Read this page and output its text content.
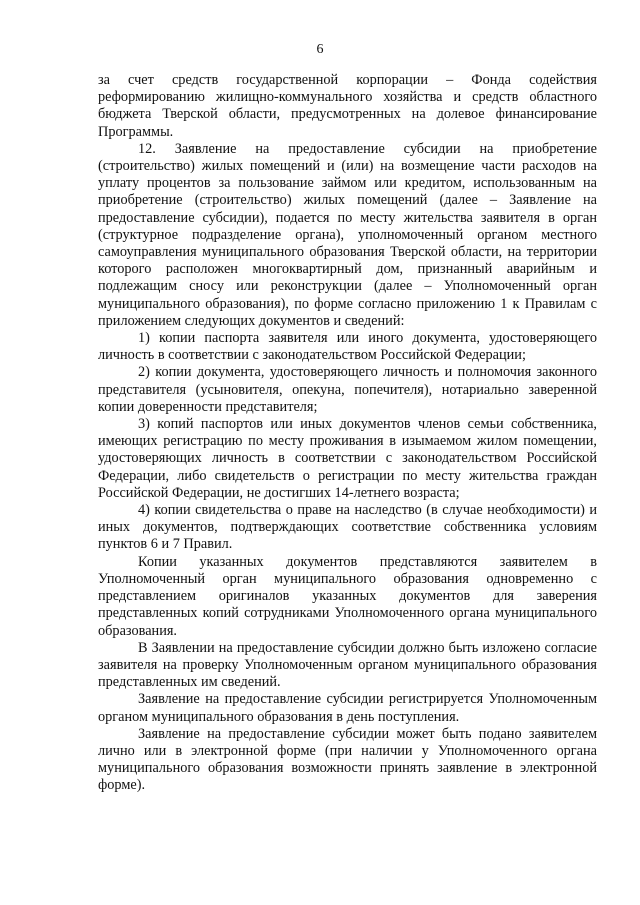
6

за счет средств государственной корпорации – Фонда содействия реформированию жилищно-коммунального хозяйства и средств областного бюджета Тверской области, предусмотренных на долевое финансирование Программы.

12. Заявление на предоставление субсидии на приобретение (строительство) жилых помещений и (или) на возмещение части расходов на уплату процентов за пользование займом или кредитом, использованным на приобретение (строительство) жилых помещений (далее – Заявление на предоставление субсидии), подается по месту жительства заявителя в орган (структурное подразделение органа), уполномоченный органом местного самоуправления муниципального образования Тверской области, на территории которого расположен многоквартирный дом, признанный аварийным и подлежащим сносу или реконструкции (далее – Уполномоченный орган муниципального образования), по форме согласно приложению 1 к Правилам с приложением следующих документов и сведений:

1) копии паспорта заявителя или иного документа, удостоверяющего личность в соответствии с законодательством Российской Федерации;

2) копии документа, удостоверяющего личность и полномочия законного представителя (усыновителя, опекуна, попечителя), нотариально заверенной копии доверенности представителя;

3) копий паспортов или иных документов членов семьи собственника, имеющих регистрацию по месту проживания в изымаемом жилом помещении, удостоверяющих личность в соответствии с законодательством Российской Федерации, либо свидетельств о регистрации по месту жительства граждан Российской Федерации, не достигших 14-летнего возраста;

4) копии свидетельства о праве на наследство (в случае необходимости) и иных документов, подтверждающих соответствие собственника условиям пунктов 6 и 7 Правил.

Копии указанных документов представляются заявителем в Уполномоченный орган муниципального образования одновременно с представлением оригиналов указанных документов для заверения представленных копий сотрудниками Уполномоченного органа муниципального образования.

В Заявлении на предоставление субсидии должно быть изложено согласие заявителя на проверку Уполномоченным органом муниципального образования представленных им сведений.

Заявление на предоставление субсидии регистрируется Уполномоченным органом муниципального образования в день поступления.

Заявление на предоставление субсидии может быть подано заявителем лично или в электронной форме (при наличии у Уполномоченного органа муниципального образования возможности принять заявление в электронной форме).
